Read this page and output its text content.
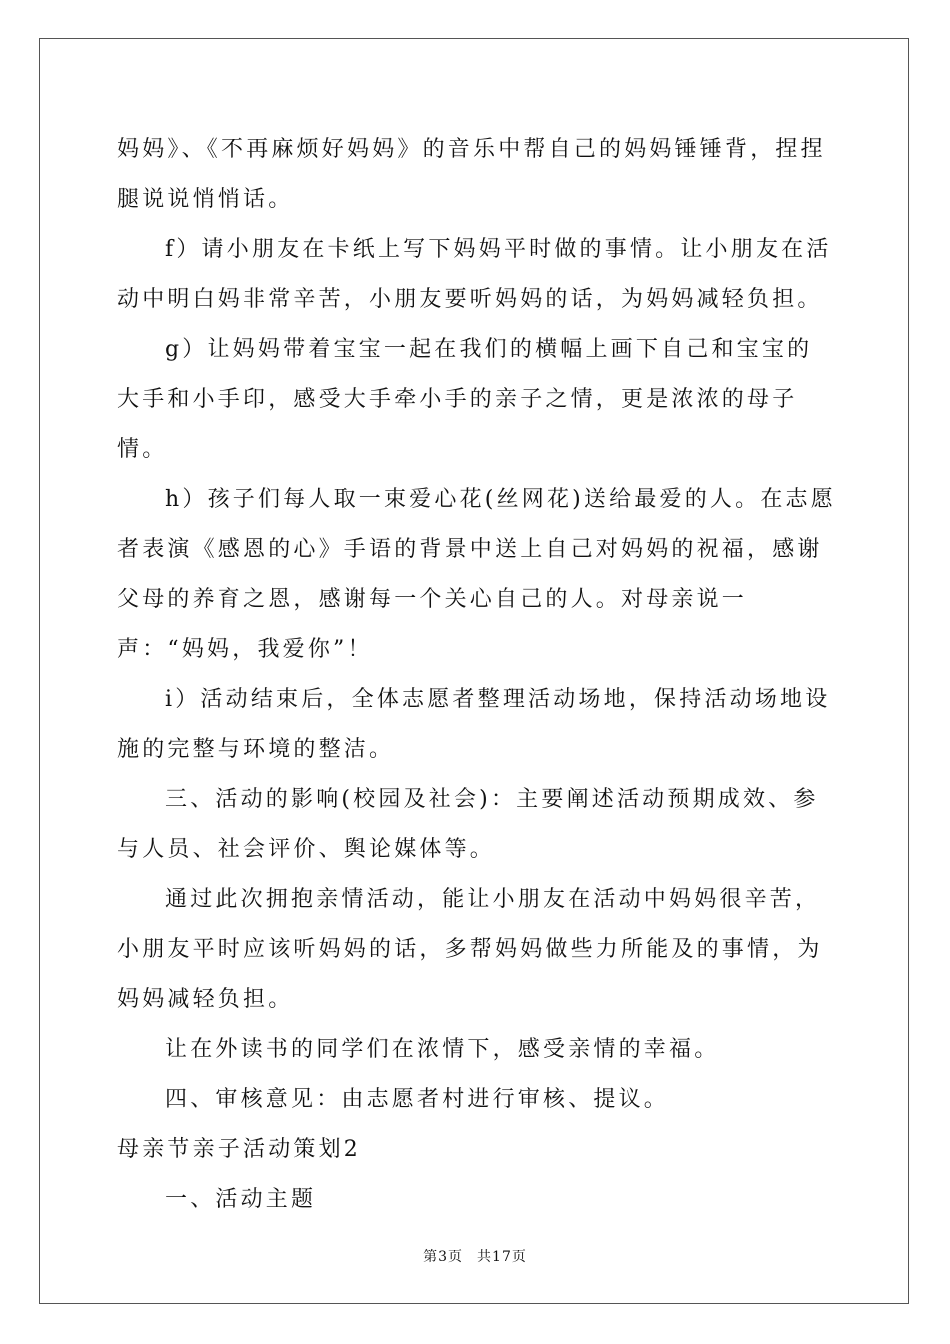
妈妈》、《不再麻烦好妈妈》的音乐中帮自己的妈妈锤锤背，捏捏腿说说悄悄话。

f）请小朋友在卡纸上写下妈妈平时做的事情。让小朋友在活动中明白妈非常辛苦，小朋友要听妈妈的话，为妈妈减轻负担。

g）让妈妈带着宝宝一起在我们的横幅上画下自己和宝宝的大手和小手印，感受大手牵小手的亲子之情，更是浓浓的母子情。

h）孩子们每人取一束爱心花(丝网花)送给最爱的人。在志愿者表演《感恩的心》手语的背景中送上自己对妈妈的祝福，感谢父母的养育之恩，感谢每一个关心自己的人。对母亲说一声：“妈妈，我爱你”！

i）活动结束后，全体志愿者整理活动场地，保持活动场地设施的完整与环境的整洁。

三、活动的影响(校园及社会)：主要阐述活动预期成效、参与人员、社会评价、舆论媒体等。

通过此次拥抱亲情活动，能让小朋友在活动中妈妈很辛苦，小朋友平时应该听妈妈的话，多帮妈妈做些力所能及的事情，为妈妈减轻负担。

让在外读书的同学们在浓情下，感受亲情的幸福。

四、审核意见：由志愿者村进行审核、提议。

母亲节亲子活动策划2

一、活动主题

第3页 共17页
